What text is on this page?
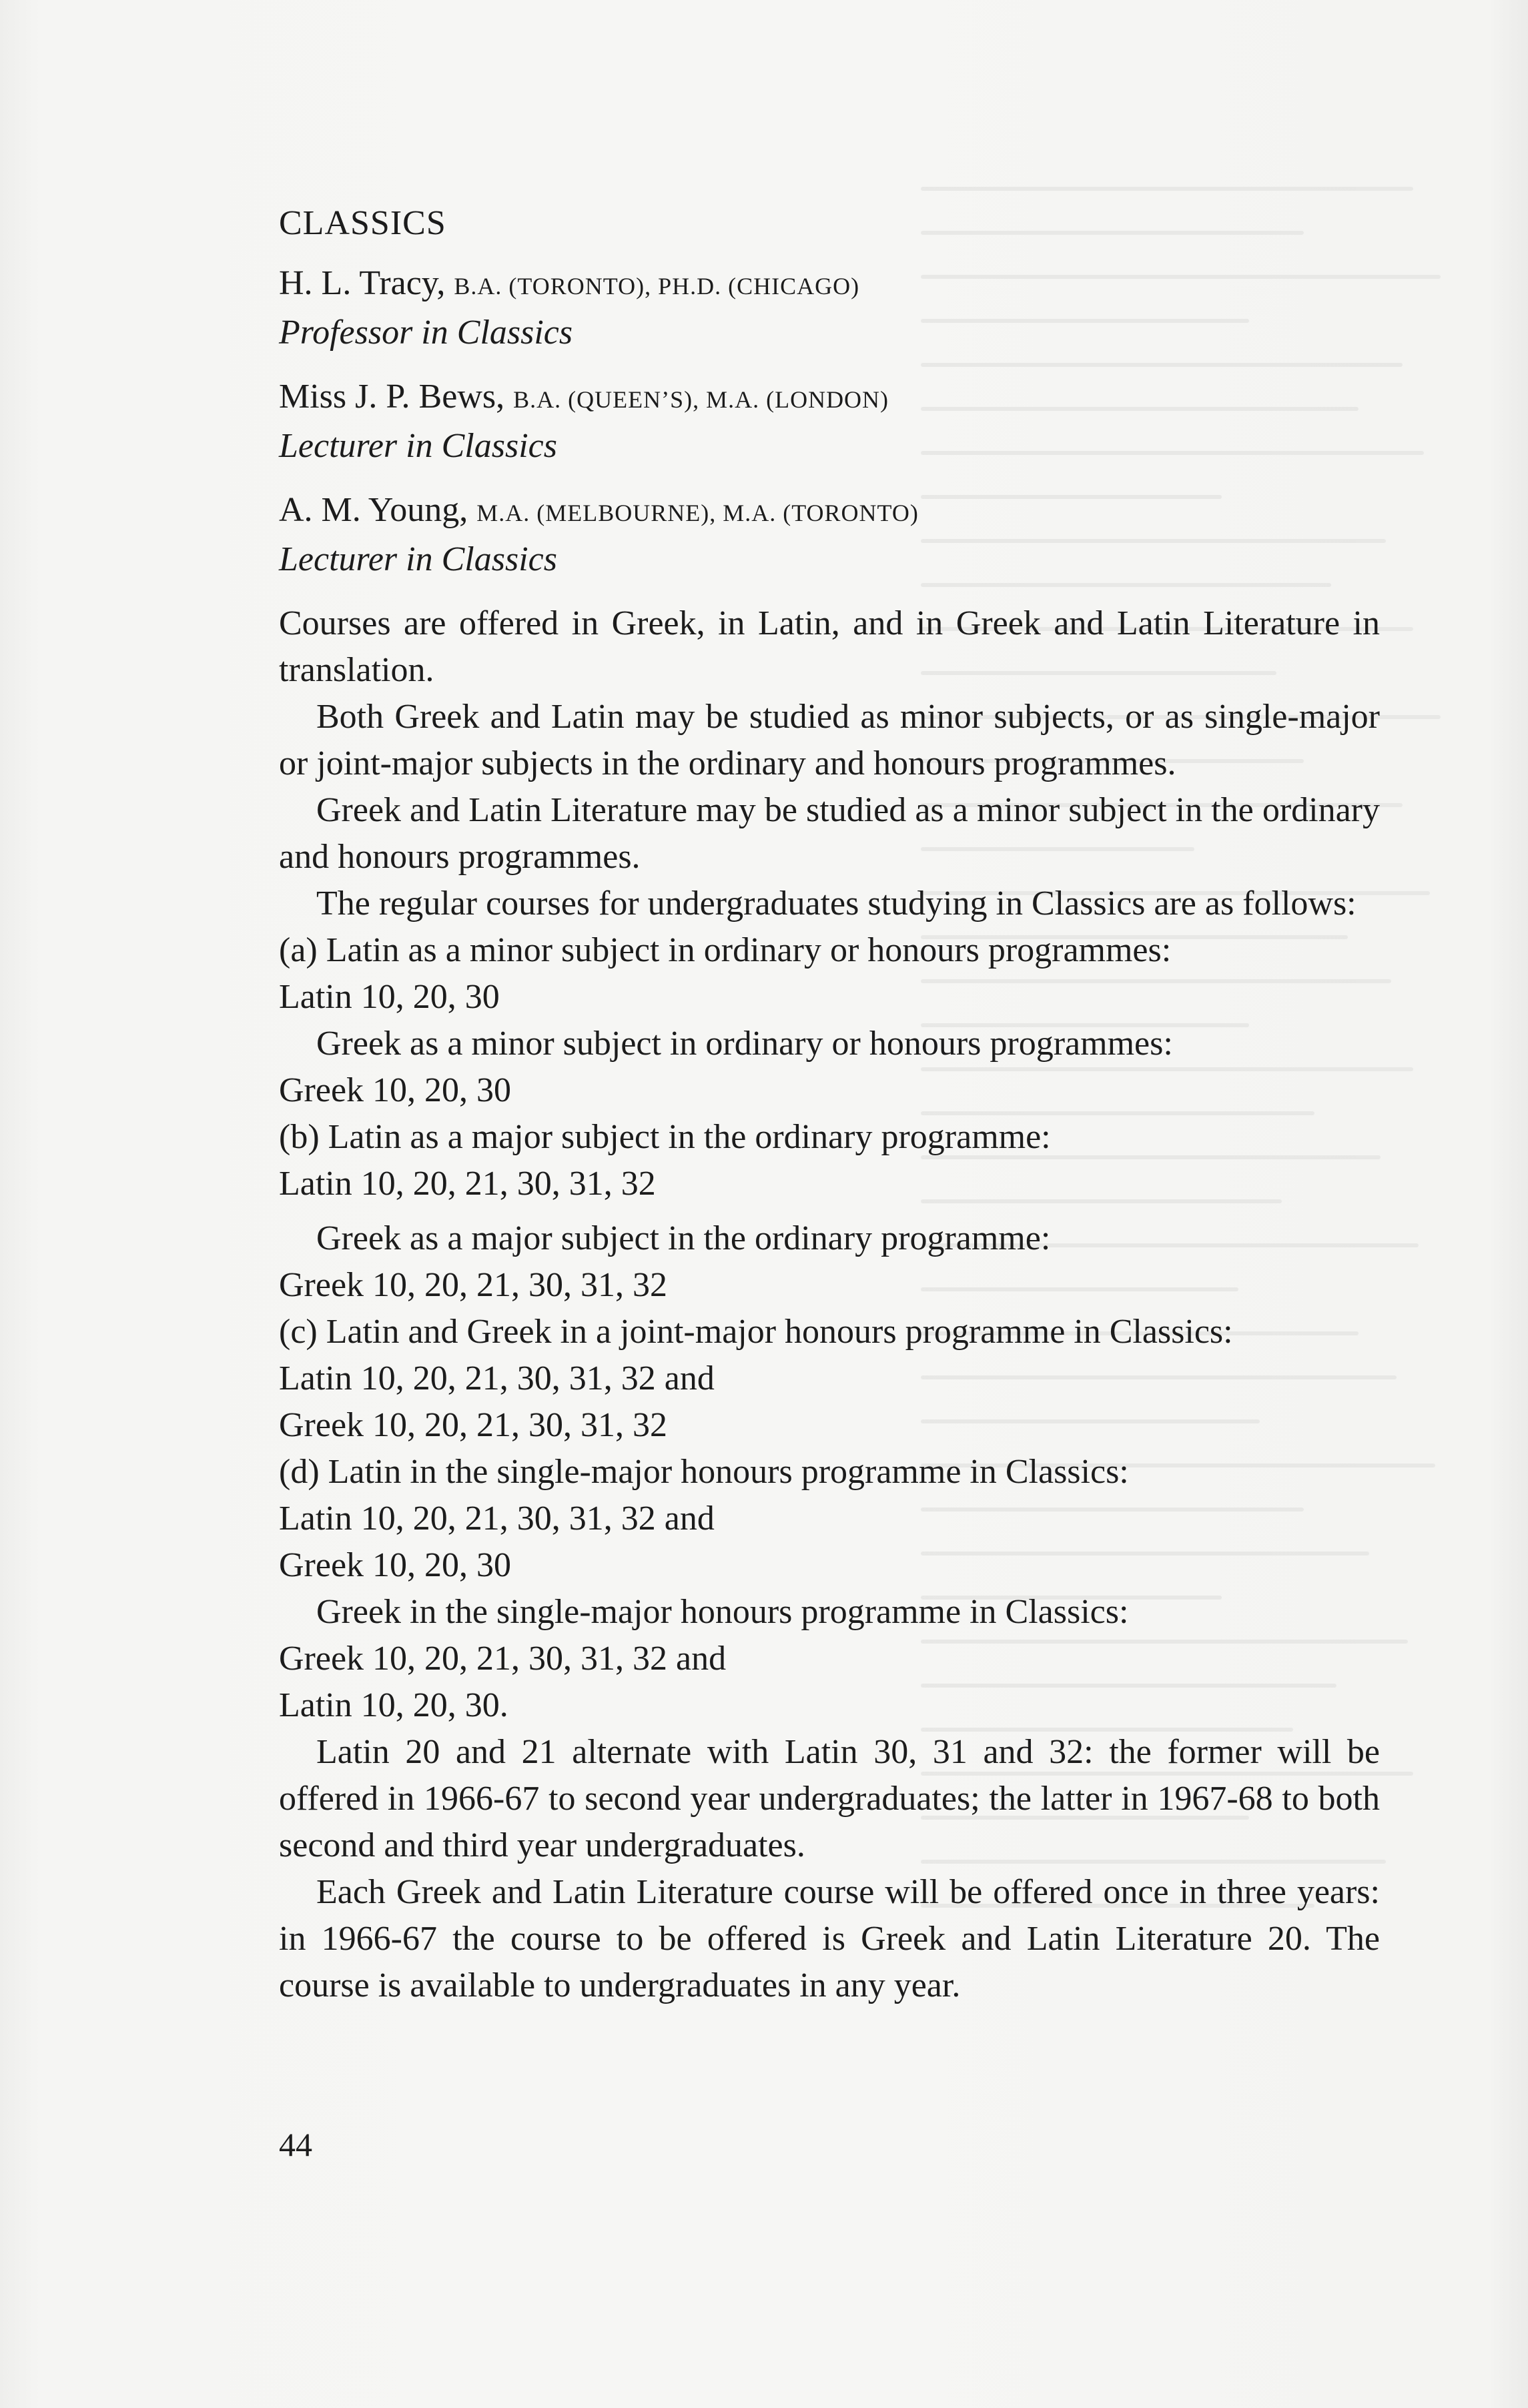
CLASSICS
H. L. Tracy, B.A. (TORONTO), PH.D. (CHICAGO)
Professor in Classics
Miss J. P. Bews, B.A. (QUEEN’S), M.A. (LONDON)
Lecturer in Classics
A. M. Young, M.A. (MELBOURNE), M.A. (TORONTO)
Lecturer in Classics

Courses are offered in Greek, in Latin, and in Greek and Latin Literature in translation.

Both Greek and Latin may be studied as minor subjects, or as single-major or joint-major subjects in the ordinary and honours programmes.

Greek and Latin Literature may be studied as a minor subject in the ordinary and honours programmes.

The regular courses for undergraduates studying in Classics are as follows:

(a) Latin as a minor subject in ordinary or honours programmes:
Latin 10, 20, 30
Greek as a minor subject in ordinary or honours programmes:
Greek 10, 20, 30
(b) Latin as a major subject in the ordinary programme:
Latin 10, 20, 21, 30, 31, 32
Greek as a major subject in the ordinary programme:
Greek 10, 20, 21, 30, 31, 32
(c) Latin and Greek in a joint-major honours programme in Classics:
Latin 10, 20, 21, 30, 31, 32 and
Greek 10, 20, 21, 30, 31, 32
(d) Latin in the single-major honours programme in Classics:
Latin 10, 20, 21, 30, 31, 32 and
Greek 10, 20, 30
Greek in the single-major honours programme in Classics:
Greek 10, 20, 21, 30, 31, 32 and
Latin 10, 20, 30.

Latin 20 and 21 alternate with Latin 30, 31 and 32: the former will be offered in 1966-67 to second year undergraduates; the latter in 1967-68 to both second and third year undergraduates.

Each Greek and Latin Literature course will be offered once in three years: in 1966-67 the course to be offered is Greek and Latin Literature 20. The course is available to undergraduates in any year.

44
